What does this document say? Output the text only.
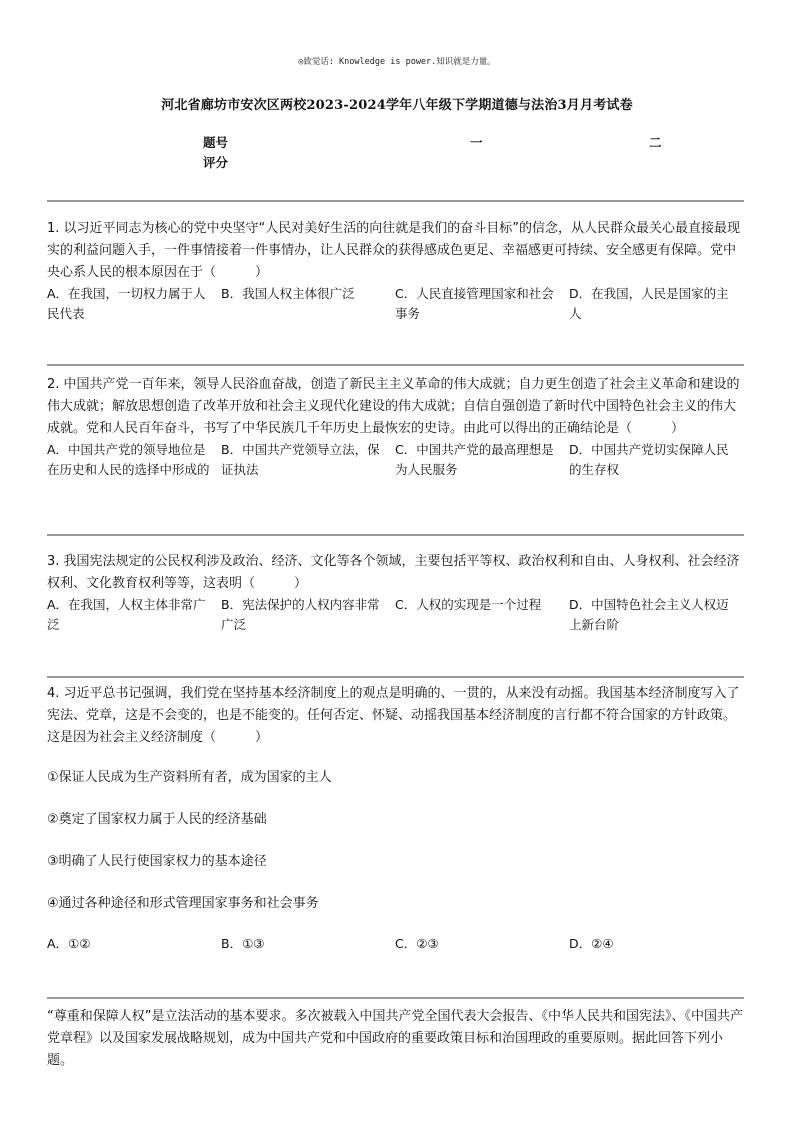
◎致觉话: Knowledge is power.知识就是力量。
河北省廊坊市安次区两校2023-2024学年八年级下学期道德与法治3月月考试卷
题号	一	二
评分

1. 以习近平同志为核心的党中央坚守“人民对美好生活的向往就是我们的奋斗目标”的信念，从人民群众最关心最直接最现实的利益问题入手，一件事情接着一件事情办，让人民群众的获得感成色更足、幸福感更可持续、安全感更有保障。党中央心系人民的根本原因在于（　　　）

A．在我国，一切权力属于人民代表
B．我国人权主体很广泛	C．人民直接管理国家和社会事务
D．在我国，人民是国家的主人

2. 中国共产党一百年来，领导人民浴血奋战，创造了新民主主义革命的伟大成就；自力更生创造了社会主义革命和建设的伟大成就；解放思想创造了改革开放和社会主义现代化建设的伟大成就；自信自强创造了新时代中国特色社会主义的伟大成就。党和人民百年奋斗，书写了中华民族几千年历史上最恢宏的史诗。由此可以得出的正确结论是（　　　）

A．中国共产党的领导地位是在历史和人民的选择中形成的
B．中国共产党领导立法，保证执法
C．中国共产党的最高理想是为人民服务
D．中国共产党切实保障人民的生存权

3. 我国宪法规定的公民权利涉及政治、经济、文化等各个领域，主要包括平等权、政治权利和自由、人身权利、社会经济权利、文化教育权利等等，这表明（　　　）

A．在我国，人权主体非常广泛
B．宪法保护的人权内容非常广泛
C．人权的实现是一个过程	D．中国特色社会主义人权迈上新台阶

4. 习近平总书记强调，我们党在坚持基本经济制度上的观点是明确的、一贯的，从来没有动摇。我国基本经济制度写入了宪法、党章，这是不会变的，也是不能变的。任何否定、怀疑、动摇我国基本经济制度的言行都不符合国家的方针政策。这是因为社会主义经济制度（　　　）

①保证人民成为生产资料所有者，成为国家的主人

②奠定了国家权力属于人民的经济基础

③明确了人民行使国家权力的基本途径

④通过各种途径和形式管理国家事务和社会事务

A．①②	B．①③	C．②③	D．②④

“尊重和保障人权”是立法活动的基本要求。多次被载入中国共产党全国代表大会报告、《中华人民共和国宪法》、《中国共产党章程》以及国家发展战略规划，成为中国共产党和中国政府的重要政策目标和治国理政的重要原则。据此回答下列小题。
